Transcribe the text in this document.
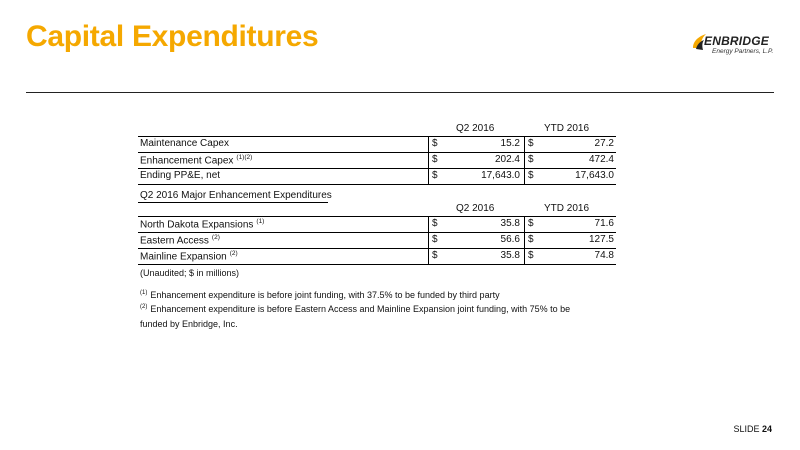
Capital Expenditures	ENBRIDGE
Energy Partners, L.P.
Q2 2016	YTD 2016
Maintenance Capex	$	15.2 $	27.2
Enhancement Capex $^{(1)(2)}$	$	202.4 $	472.4
Ending PP&E, net	$	17,643.0 $	17,643.0
Q2 2016 Major Enhancement Expenditures
Q2 2016	YTD 2016
North Dakota Expansions $^{(1)}$	$	35.8 $	71.6
Eastern Access $^{(2)}$	$	56.6 $	127.5
Mainline Expansion $^{(2)}$	$	35.8 $	74.8
(Unaudited; $ in millions)
$^{(1)}$ Enhancement expenditure is before joint funding, with 37.5% to be funded by third party
$^{(2)}$ Enhancement expenditure is before Eastern Access and Mainline Expansion joint funding, with 75% to be
funded by Enbridge, Inc.
SLIDE 24
